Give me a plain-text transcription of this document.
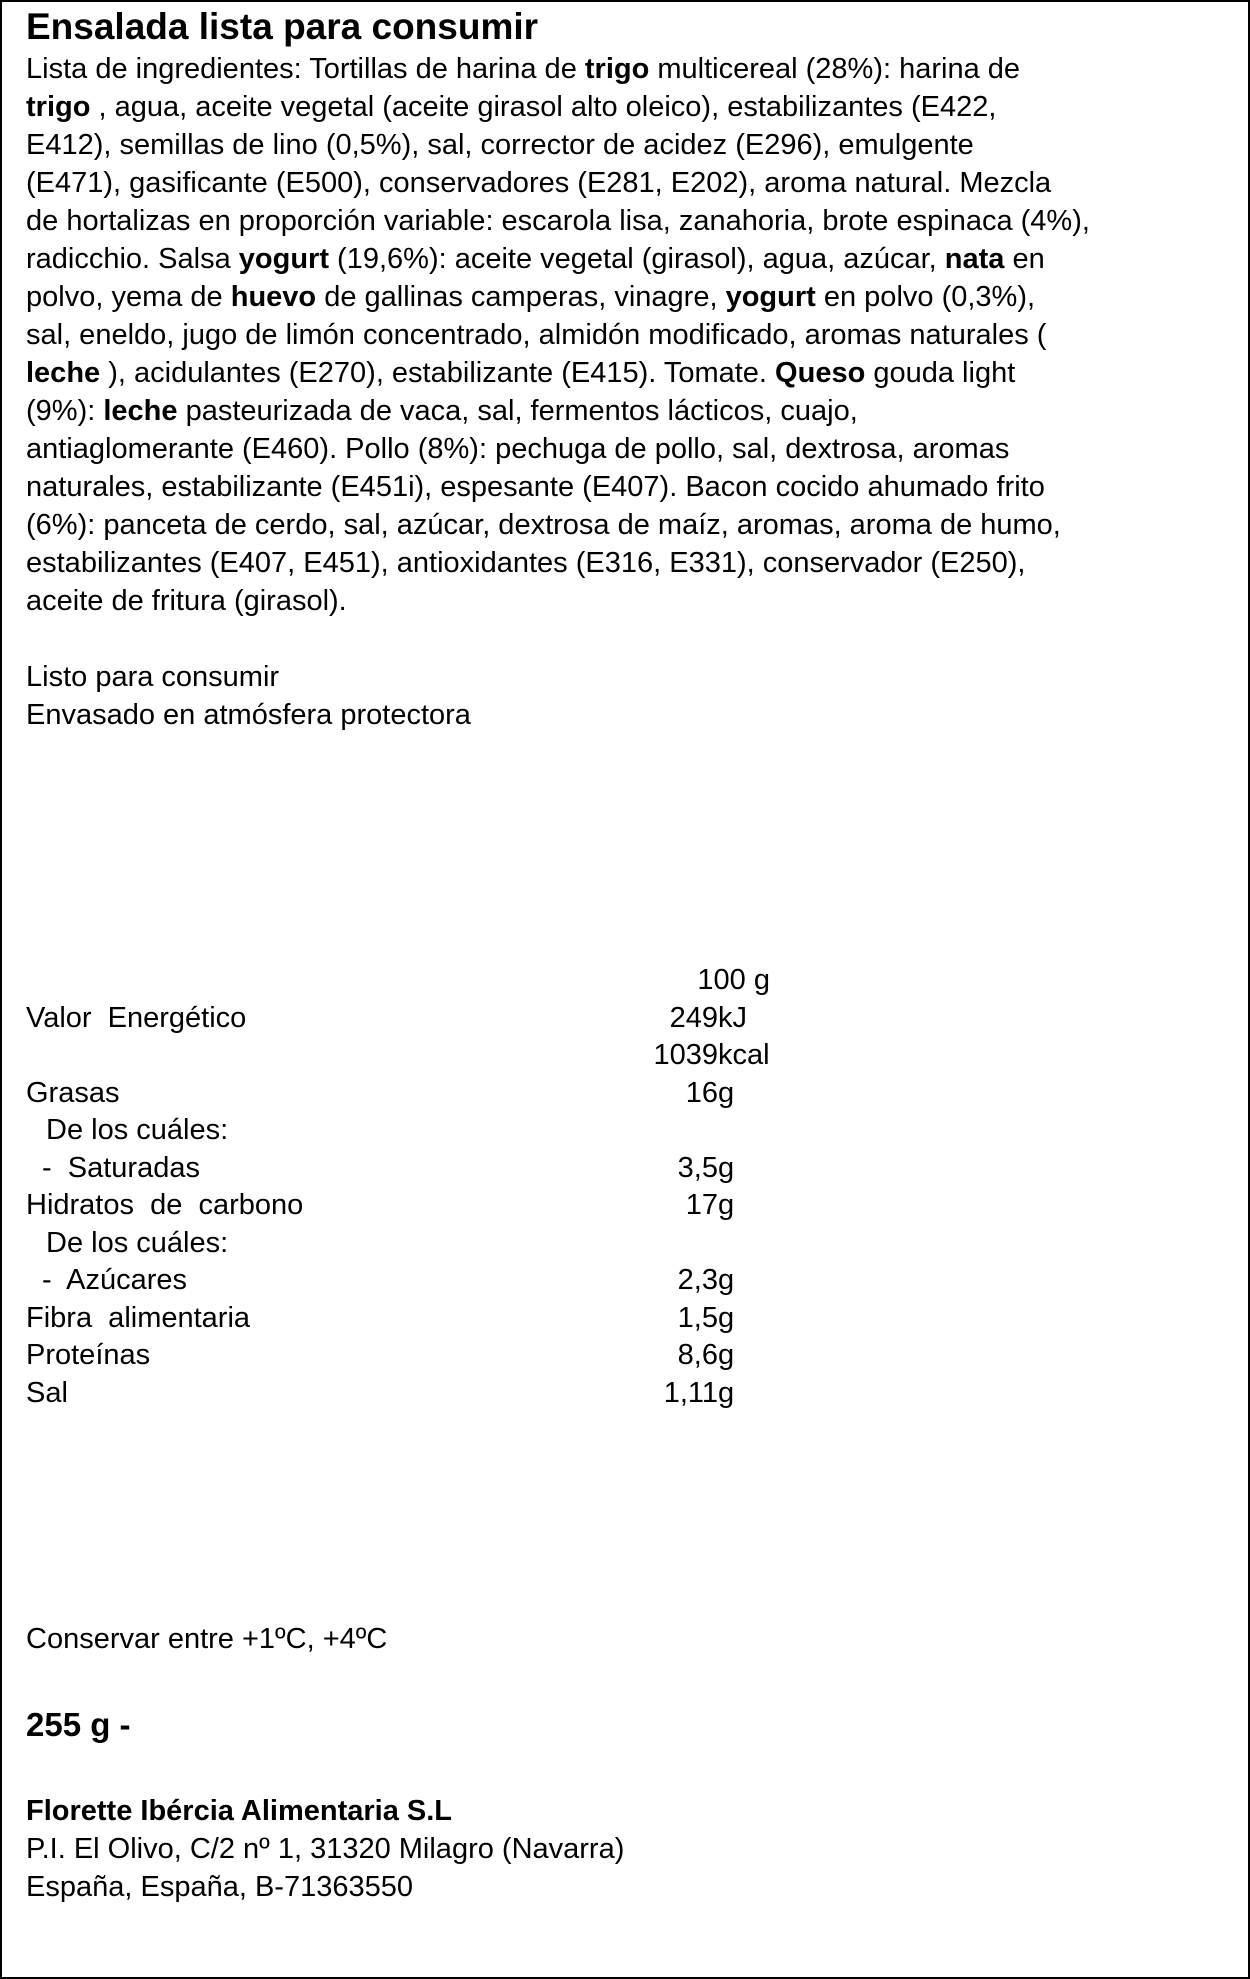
Ensalada lista para consumir
Lista de ingredientes: Tortillas de harina de trigo multicereal (28%): harina de
trigo , agua, aceite vegetal (aceite girasol alto oleico), estabilizantes (E422,
E412), semillas de lino (0,5%), sal, corrector de acidez (E296), emulgente
(E471), gasificante (E500), conservadores (E281, E202), aroma natural. Mezcla
de hortalizas en proporción variable: escarola lisa, zanahoria, brote espinaca (4%),
radicchio. Salsa yogurt (19,6%): aceite vegetal (girasol), agua, azúcar, nata en
polvo, yema de huevo de gallinas camperas, vinagre, yogurt en polvo (0,3%),
sal, eneldo, jugo de limón concentrado, almidón modificado, aromas naturales (
leche ), acidulantes (E270), estabilizante (E415). Tomate. Queso gouda light
(9%): leche pasteurizada de vaca, sal, fermentos lácticos, cuajo,
antiaglomerante (E460). Pollo (8%): pechuga de pollo, sal, dextrosa, aromas
naturales, estabilizante (E451i), espesante (E407). Bacon cocido ahumado frito
(6%): panceta de cerdo, sal, azúcar, dextrosa de maíz, aromas, aroma de humo,
estabilizantes (E407, E451), antioxidantes (E316, E331), conservador (E250),
aceite de fritura (girasol).
Listo para consumir
Envasado en atmósfera protectora

100 g

Valor  Energético	249 kJ
1039 kcal
Grasas	16 g
De los cuáles:
-  Saturadas	3,5 g
Hidratos  de  carbono	17 g
De los cuáles:
-  Azúcares	2,3 g
Fibra  alimentaria	1,5 g
Proteínas	8,6 g
Sal	1,11 g
Conservar entre +1ºC, +4ºC
255 g -
Florette Ibércia Alimentaria S.L
P.I. El Olivo, C/2 nº 1, 31320 Milagro (Navarra)
España, España, B-71363550
